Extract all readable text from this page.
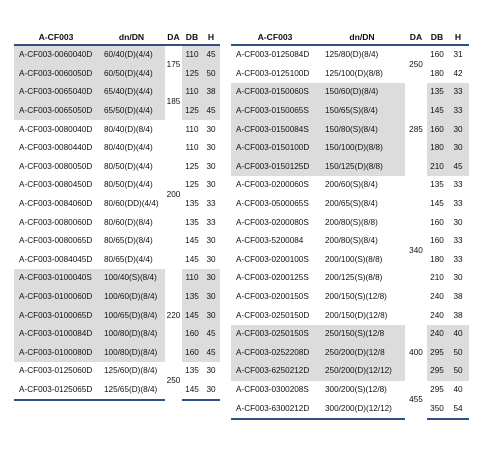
A-CF003	dn/DN	DA	DB	H
A-CF003-0060040D	60/40(D)(4/4)	175	110	45
A-CF003-0060050D	60/50(D)(4/4)		125	50
A-CF003-0065040D	65/40(D)(4/4)	185	110	38
A-CF003-0065050D	65/50(D)(4/4)		125	45
A-CF003-0080040D	80/40(D)(8/4)	200	110	30
A-CF003-0080440D	80/40(D)(4/4)		110	30
A-CF003-0080050D	80/50(D)(4/4)		125	30
A-CF003-0080450D	80/50(D)(4/4)		125	30
A-CF003-0084060D	80/60(DD)(4/4)		135	33
A-CF003-0080060D	80/60(D)(8/4)		135	33
A-CF003-0080065D	80/65(D)(8/4)		145	30
A-CF003-0084045D	80/65(D)(4/4)		145	30
A-CF003-0100040S	100/40(S)(8/4)	220	110	30
A-CF003-0100060D	100/60(D)(8/4)		135	30
A-CF003-0100065D	100/65(D)(8/4)		145	30
A-CF003-0100084D	100/80(D)(8/4)		160	45
A-CF003-0100080D	100/80(D)(8/4)		160	45
A-CF003-0125060D	125/60(D)(8/4)	250	135	30
A-CF003-0125065D	125/65(D)(8/4)		145	30
A-CF003	dn/DN	DA	DB	H
A-CF003-0125084D	125/80(D)(8/4)	250	160	31
A-CF003-0125100D	125/100(D)(8/8)		180	42
A-CF003-0150060S	150/60(D)(8/4)	285	135	33
A-CF003-0150065S	150/65(S)(8/4)		145	33
A-CF003-0150084S	150/80(S)(8/4)		160	30
A-CF003-0150100D	150/100(D)(8/8)		180	30
A-CF003-0150125D	150/125(D)(8/8)		210	45
A-CF003-0200060S	200/60(S)(8/4)	340	135	33
A-CF003-0500065S	200/65(S)(8/4)		145	33
A-CF003-0200080S	200/80(S)(8/8)		160	30
A-CF003-5200084	200/80(S)(8/4)		160	33
A-CF003-0200100S	200/100(S)(8/8)		180	33
A-CF003-0200125S	200/125(S)(8/8)		210	30
A-CF003-0200150S	200/150(S)(12/8)		240	38
A-CF003-0250150D	200/150(D)(12/8)		240	38
A-CF003-0250150S	250/150(S)(12/8	400	240	40
A-CF003-0252208D	250/200(D)(12/8		295	50
A-CF003-6250212D	250/200(D)(12/12)		295	50
A-CF003-0300208S	300/200(S)(12/8)	455	295	40
A-CF003-6300212D	300/200(D)(12/12)		350	54
